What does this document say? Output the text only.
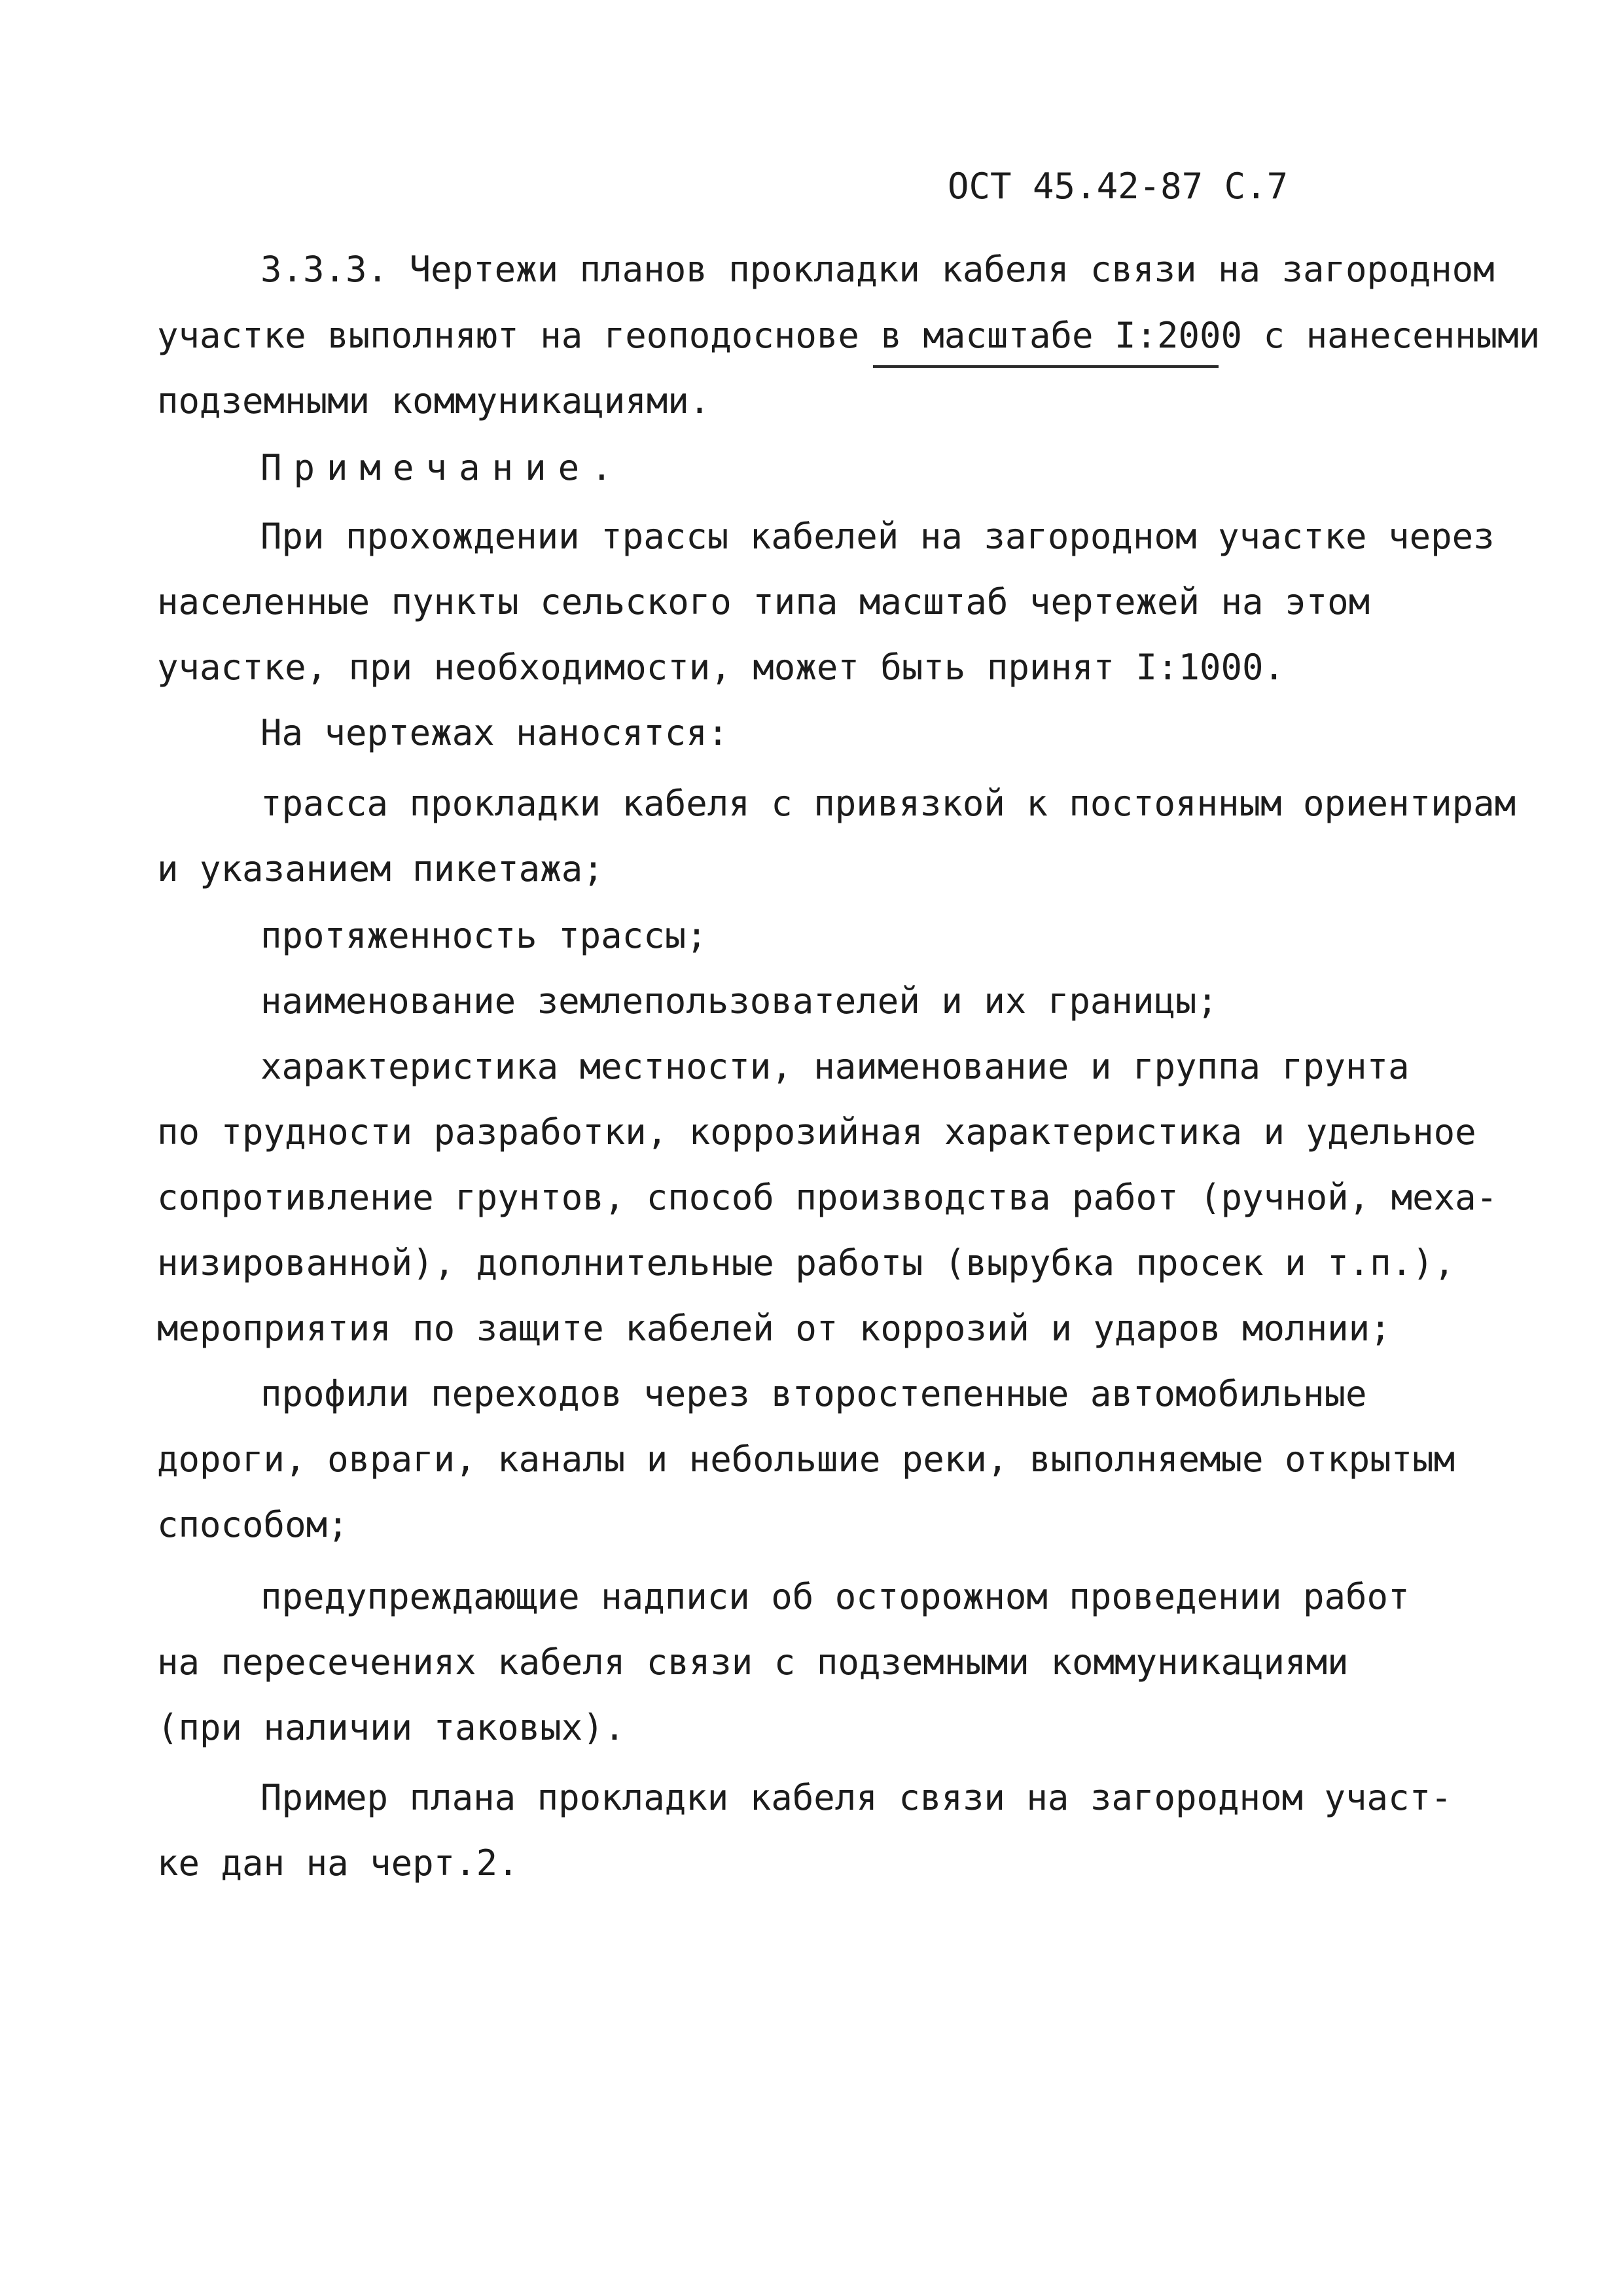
ОСТ 45.42-87 С.7
3.3.3. Чертежи планов прокладки кабеля связи на загородном
участке выполняют на геоподоснове в масштабе I:2000 с нанесенными
подземными коммуникациями.
Примечание.
При прохождении трассы кабелей на загородном участке через
населенные пункты сельского типа масштаб чертежей на этом
участке, при необходимости, может быть принят I:1000.
На чертежах наносятся:
трасса прокладки кабеля с привязкой к постоянным ориентирам
и указанием пикетажа;
протяженность трассы;
наименование землепользователей и их границы;
характеристика местности, наименование и группа грунта
по трудности разработки, коррозийная характеристика и удельное
сопротивление грунтов, способ производства работ (ручной, меха-
низированной), дополнительные работы (вырубка просек и т.п.),
мероприятия по защите кабелей от коррозий и ударов молнии;
профили переходов через второстепенные автомобильные
дороги, овраги, каналы и небольшие реки, выполняемые открытым
способом;
предупреждающие надписи об осторожном проведении работ
на пересечениях кабеля связи с подземными коммуникациями
(при наличии таковых).
Пример плана прокладки кабеля связи на загородном участ-
ке дан на черт.2.
